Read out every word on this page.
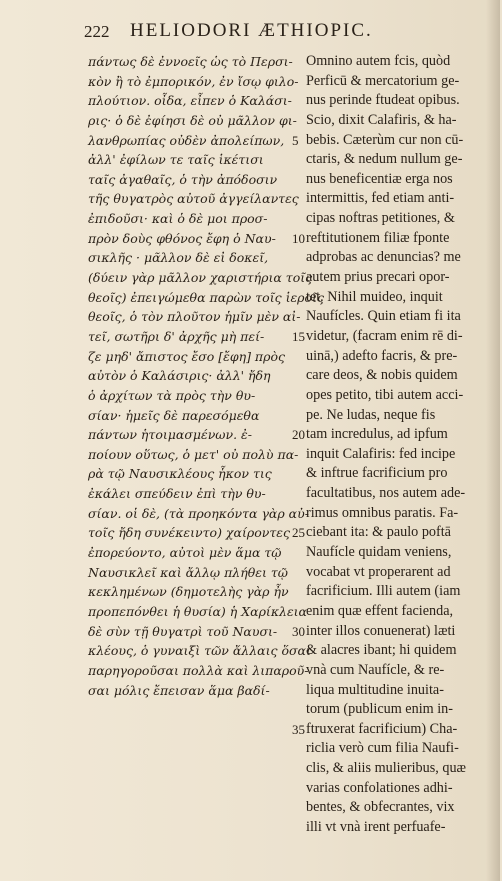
222 HELIODORI ÆTHIOPIC.
πάντως δὲ ἐννοεῖς ὡς τὸ Περσι-
κὸν ἢ τὸ ἐμπορικόν, ἐν ἴσῳ φιλο-
πλούτιον. οἶδα, εἶπεν ὁ Καλάσι-
ρις· ὁ δὲ ἐφίησι δὲ οὐ μᾶλλον φι-
λανθρωπίας οὐδὲν ἀπολείπων,
ἀλλ' ἐφίλων τε ταῖς ἱκέτισι
ταῖς ἀγαθαῖς, ὁ τὴν ἀπόδοσιν
τῆς θυγατρὸς αὐτοῦ ἀγγείλαντες
ἐπιδοῦσι· καὶ ὁ δὲ μοι προσ-
πρὸν δοὺς φθόνος ἔφη ὁ Ναυ-
σικλῆς · μᾶλλον δὲ εἰ δοκεῖ,
(δύειν γὰρ μᾶλλον χαριστήρια τοῖς
θεοῖς) ἐπειγώμεθα παρὼν τοῖς ἱεροῖς
θεοῖς, ὁ τὸν πλοῦτον ἡμῖν μὲν αἰ-
τεῖ, σωτῆρι δ' ἀρχῆς μὴ πεί-
ζε μηδ' ἄπιστος ἔσο [ἔφη] πρὸς
αὐτὸν ὁ Καλάσιρις· ἀλλ' ἤδη
ὁ ἀρχίτων τὰ πρὸς τὴν θυ-
σίαν· ἡμεῖς δὲ παρεσόμεθα
πάντων ἡτοιμασμένων. ἐ-
ποίουν οὕτως, ὁ μετ' οὐ πολὺ πα-
ρὰ τῷ Ναυσικλέους ἧκον τις
ἐκάλει σπεύδειν ἐπὶ τὴν θυ-
σίαν. οἱ δὲ, (τὰ προηκόντα γὰρ αὐ-
τοῖς ἤδη συνέκειντο) χαίροντες
ἐπορεύοντο, αὐτοὶ μὲν ἅμα τῷ
Ναυσικλεῖ καὶ ἄλλῳ πλήθει τῷ
κεκλημένων (δημοτελὴς γὰρ ἦν
προπεπόνθει ἡ θυσία) ἡ Χαρίκλεια
δὲ σὺν τῇ θυγατρὶ τοῦ Ναυσι-
κλέους, ὁ γυναιξὶ τῶν ἄλλαις ὅσαι
παρηγοροῦσαι πολλὰ καὶ λιπαροῦ-
σαι μόλις ἔπεισαν ἅμα βαδί-
Omnino autem fcis, quòd
Perficū & mercatorium ge-
nus perinde ftudeat opibus.
Scio, dixit Calafiris, & ha-
5 bebis. Cæterùm cur non cū-
ctaris, & nedum nullum ge-
nus beneficentiæ erga nos
intermittis, fed etiam anti-
cipas noftras petitiones, &
10 reftitutionem filiæ fponte
adprobas ac denuncias? me
autem prius precari opor-
tet. Nihil muideo, inquit
Naufícles. Quin etiam fi ita
15 videtur, (facram enim rē di-
uinā,) adefto facris, & pre-
care deos, & nobis quidem
opes petito, tibi autem acci-
pe. Ne ludas, neque fis
20 tam incredulus, ad ipfum
inquit Calafiris: fed incipe
& inftrue facrificium pro
facultatibus, nos autem ade-
rimus omnibus paratis. Fa-
25 ciebant ita: & paulo poftā
Naufícle quidam veniens,
vocabat vt properarent ad
facrificium. Illi autem (iam
enim quæ effent facienda,
30 inter illos conuenerat) læti
& alacres ibant; hi quidem
vnà cum Naufícle, & re-
liqua multitudine inuita-
torum (publicum enim in-
35 ftruxerat facrificium) Cha-
riclia verò cum filia Naufi-
clis, & aliis mulieribus, quæ
varias confolationes adhi-
bentes, & obfecrantes, vix
illi vt vnà irent perfuafe-
